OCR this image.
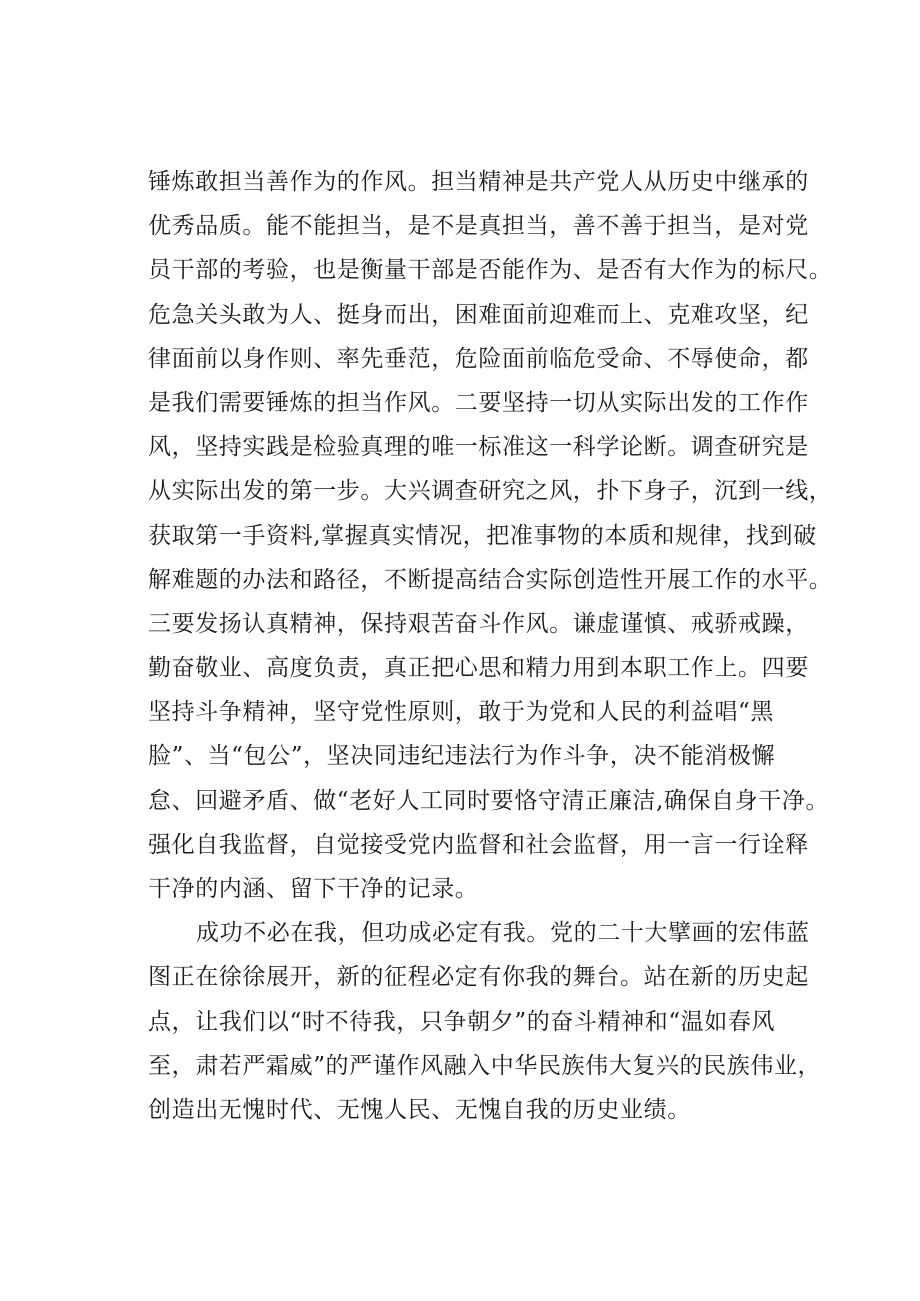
锤炼敢担当善作为的作风。担当精神是共产党人从历史中继承的
优秀品质。能不能担当，是不是真担当，善不善于担当，是对党
员干部的考验，也是衡量干部是否能作为、是否有大作为的标尺。
危急关头敢为人、挺身而出，困难面前迎难而上、克难攻坚，纪
律面前以身作则、率先垂范，危险面前临危受命、不辱使命，都
是我们需要锤炼的担当作风。二要坚持一切从实际出发的工作作
风，坚持实践是检验真理的唯一标准这一科学论断。调查研究是
从实际出发的第一步。大兴调查研究之风，扑下身子，沉到一线，
获取第一手资料,掌握真实情况，把准事物的本质和规律，找到破
解难题的办法和路径，不断提高结合实际创造性开展工作的水平。
三要发扬认真精神，保持艰苦奋斗作风。谦虚谨慎、戒骄戒躁，
勤奋敬业、高度负责，真正把心思和精力用到本职工作上。四要
坚持斗争精神，坚守党性原则，敢于为党和人民的利益唱“黑
脸”、当“包公”，坚决同违纪违法行为作斗争，决不能消极懈
怠、回避矛盾、做“老好人工同时要恪守清正廉洁,确保自身干净。
强化自我监督，自觉接受党内监督和社会监督，用一言一行诠释
干净的内涵、留下干净的记录。
成功不必在我，但功成必定有我。党的二十大擘画的宏伟蓝
图正在徐徐展开，新的征程必定有你我的舞台。站在新的历史起
点，让我们以“时不待我，只争朝夕”的奋斗精神和“温如春风
至，肃若严霜威”的严谨作风融入中华民族伟大复兴的民族伟业，
创造出无愧时代、无愧人民、无愧自我的历史业绩。
